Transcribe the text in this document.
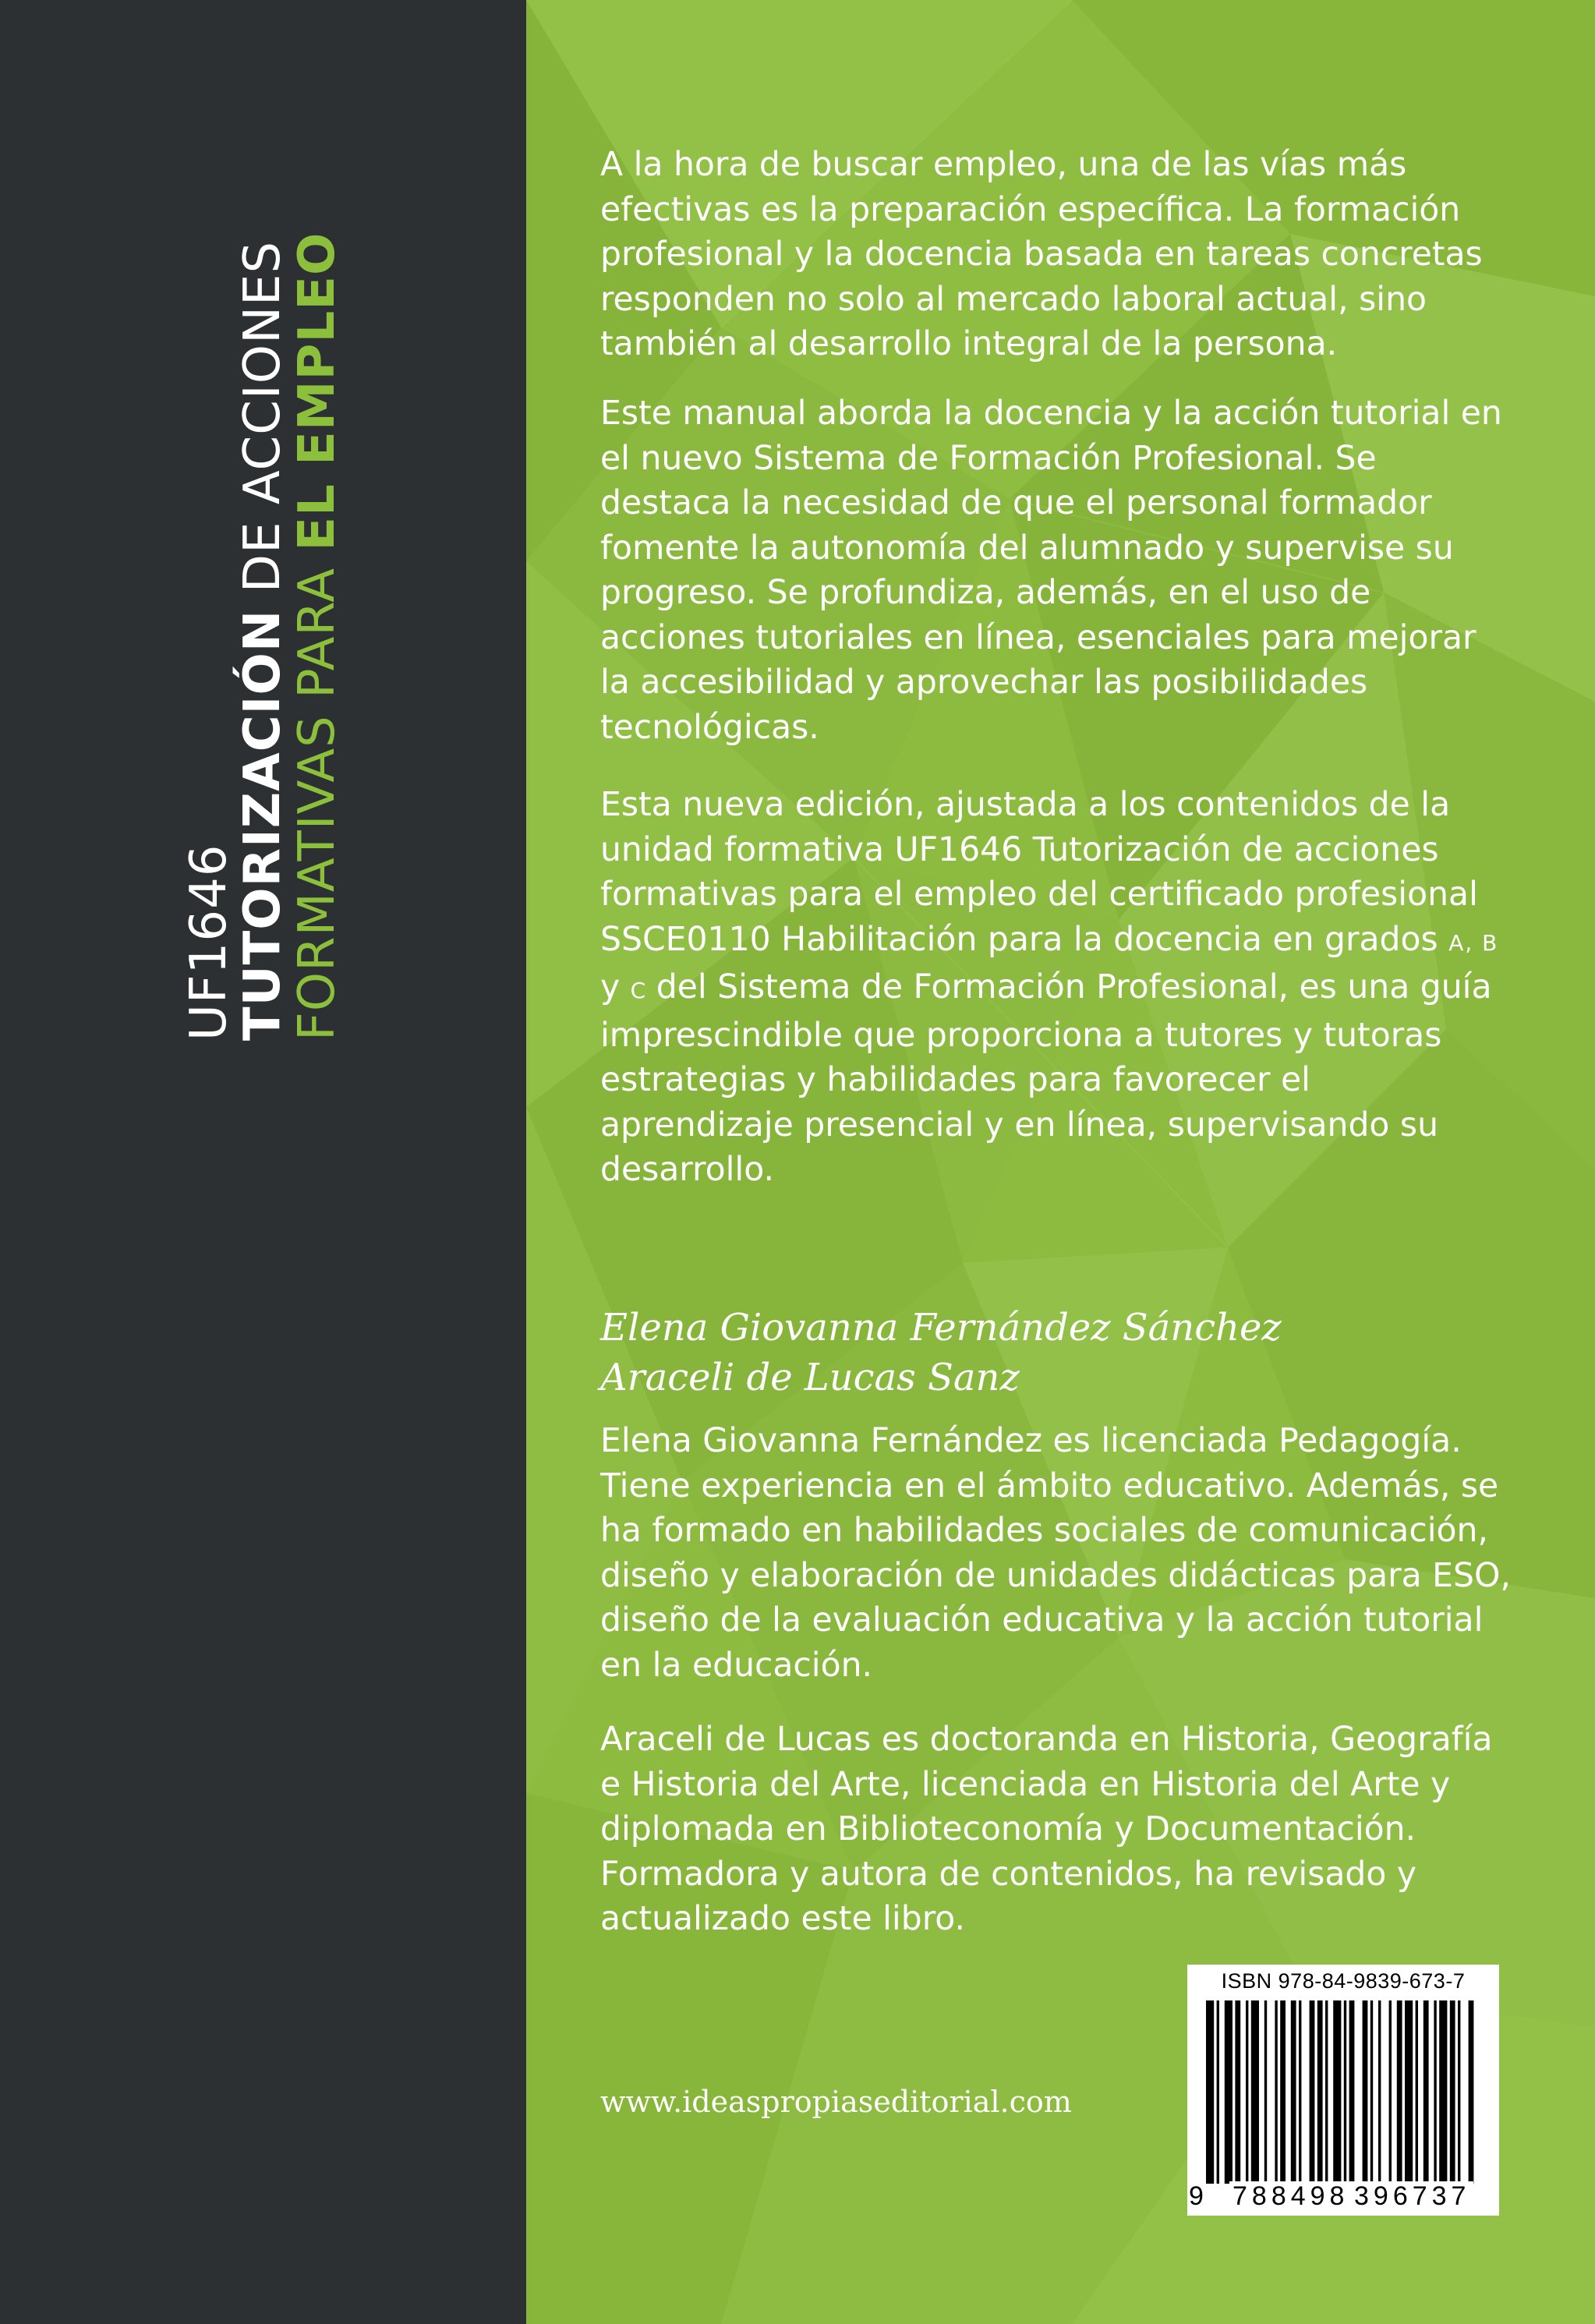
UF1646
TUTORIZACIÓN DE ACCIONES
FORMATIVAS PARA EL EMPLEO
A la hora de buscar empleo, una de las vías más efectivas es la preparación específica. La formación profesional y la docencia basada en tareas concretas responden no solo al mercado laboral actual, sino también al desarrollo integral de la persona.
Este manual aborda la docencia y la acción tutorial en el nuevo Sistema de Formación Profesional. Se destaca la necesidad de que el personal formador fomente la autonomía del alumnado y supervise su progreso. Se profundiza, además, en el uso de acciones tutoriales en línea, esenciales para mejorar la accesibilidad y aprovechar las posibilidades tecnológicas.
Esta nueva edición, ajustada a los contenidos de la unidad formativa UF1646 Tutorización de acciones formativas para el empleo del certificado profesional SSCE0110 Habilitación para la docencia en grados A, B y C del Sistema de Formación Profesional, es una guía imprescindible que proporciona a tutores y tutoras estrategias y habilidades para favorecer el aprendizaje presencial y en línea, supervisando su desarrollo.
Elena Giovanna Fernández Sánchez
Araceli de Lucas Sanz
Elena Giovanna Fernández es licenciada Pedagogía. Tiene experiencia en el ámbito educativo. Además, se ha formado en habilidades sociales de comunicación, diseño y elaboración de unidades didácticas para ESO, diseño de la evaluación educativa y la acción tutorial en la educación.
Araceli de Lucas es doctoranda en Historia, Geografía e Historia del Arte, licenciada en Historia del Arte y diplomada en Biblioteconomía y Documentación. Formadora y autora de contenidos, ha revisado y actualizado este libro.
www.ideaspropiaseditorial.com
ISBN 978-84-9839-673-7
9 788498 396737
